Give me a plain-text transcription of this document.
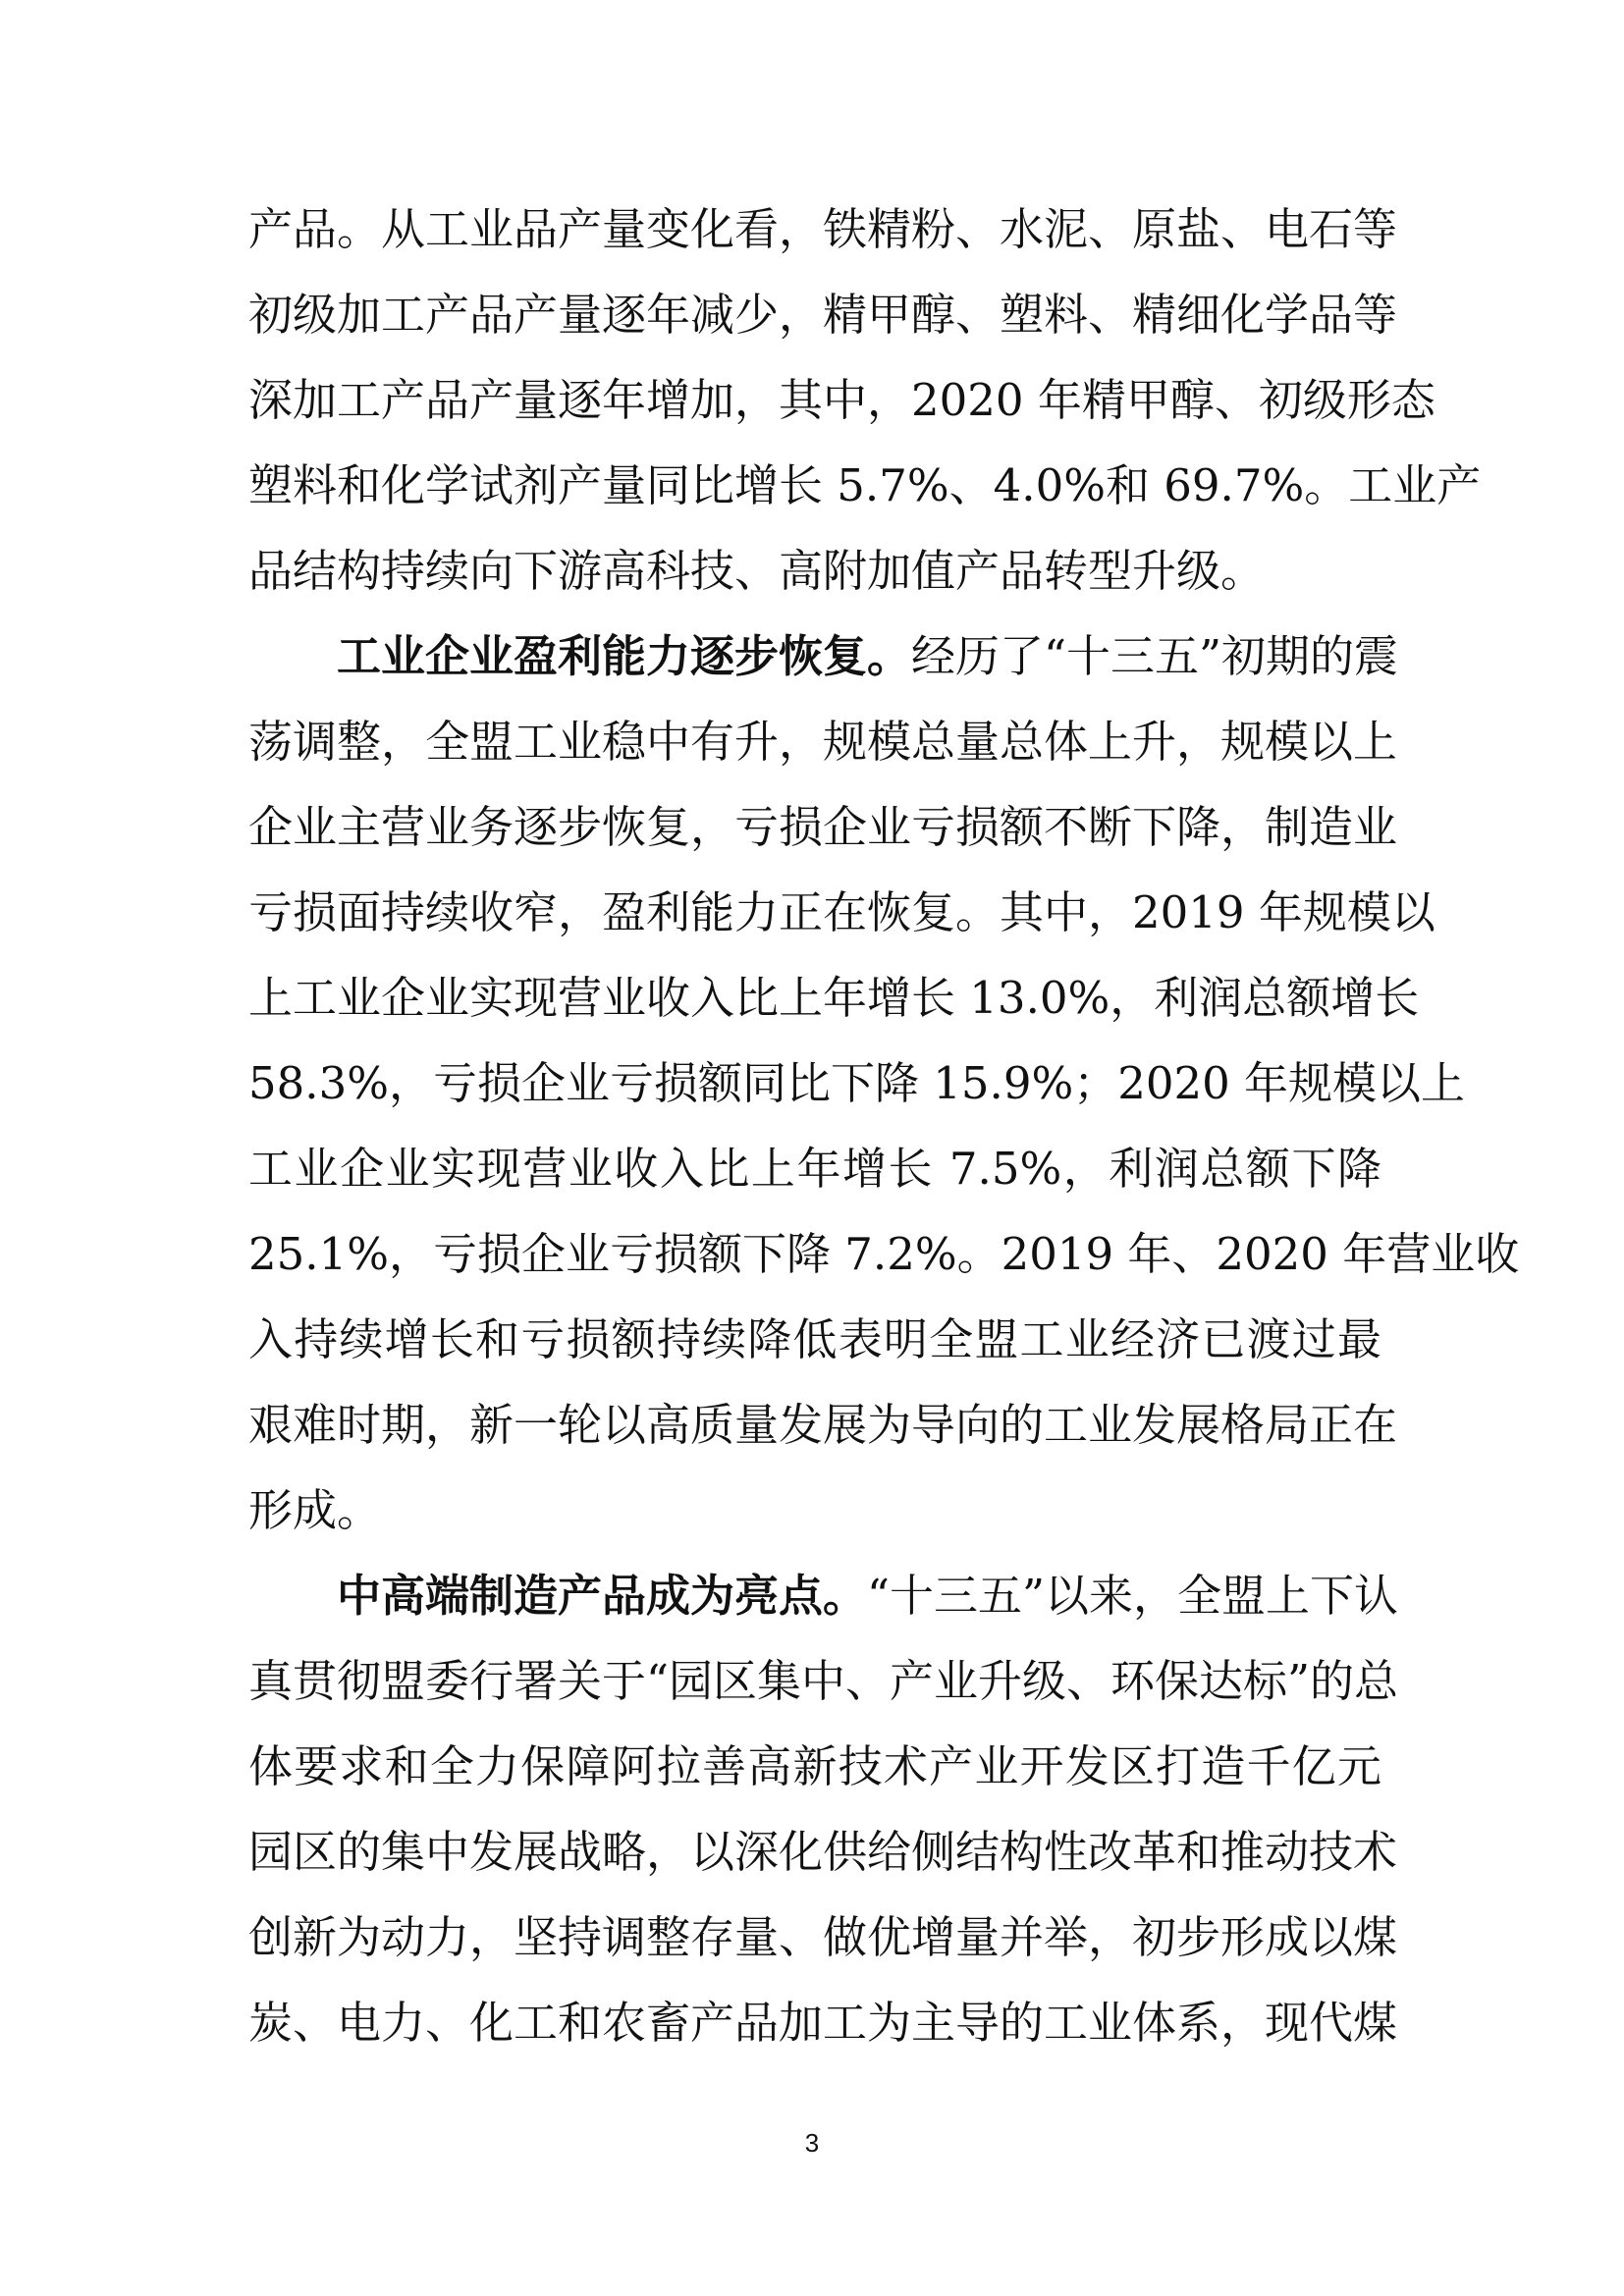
产品。从工业品产量变化看，铁精粉、水泥、原盐、电石等
初级加工产品产量逐年减少，精甲醇、塑料、精细化学品等
深加工产品产量逐年增加，其中，2020 年精甲醇、初级形态
塑料和化学试剂产量同比增长 5.7%、4.0%和 69.7%。工业产
品结构持续向下游高科技、高附加值产品转型升级。
工业企业盈利能力逐步恢复。经历了“十三五”初期的震
荡调整，全盟工业稳中有升，规模总量总体上升，规模以上
企业主营业务逐步恢复，亏损企业亏损额不断下降，制造业
亏损面持续收窄，盈利能力正在恢复。其中，2019 年规模以
上工业企业实现营业收入比上年增长 13.0%，利润总额增长
58.3%，亏损企业亏损额同比下降 15.9%；2020 年规模以上
工业企业实现营业收入比上年增长 7.5%，利润总额下降
25.1%，亏损企业亏损额下降 7.2%。2019 年、2020 年营业收
入持续增长和亏损额持续降低表明全盟工业经济已渡过最
艰难时期，新一轮以高质量发展为导向的工业发展格局正在
形成。
中高端制造产品成为亮点。“十三五”以来，全盟上下认
真贯彻盟委行署关于“园区集中、产业升级、环保达标”的总
体要求和全力保障阿拉善高新技术产业开发区打造千亿元
园区的集中发展战略，以深化供给侧结构性改革和推动技术
创新为动力，坚持调整存量、做优增量并举，初步形成以煤
炭、电力、化工和农畜产品加工为主导的工业体系，现代煤
3
